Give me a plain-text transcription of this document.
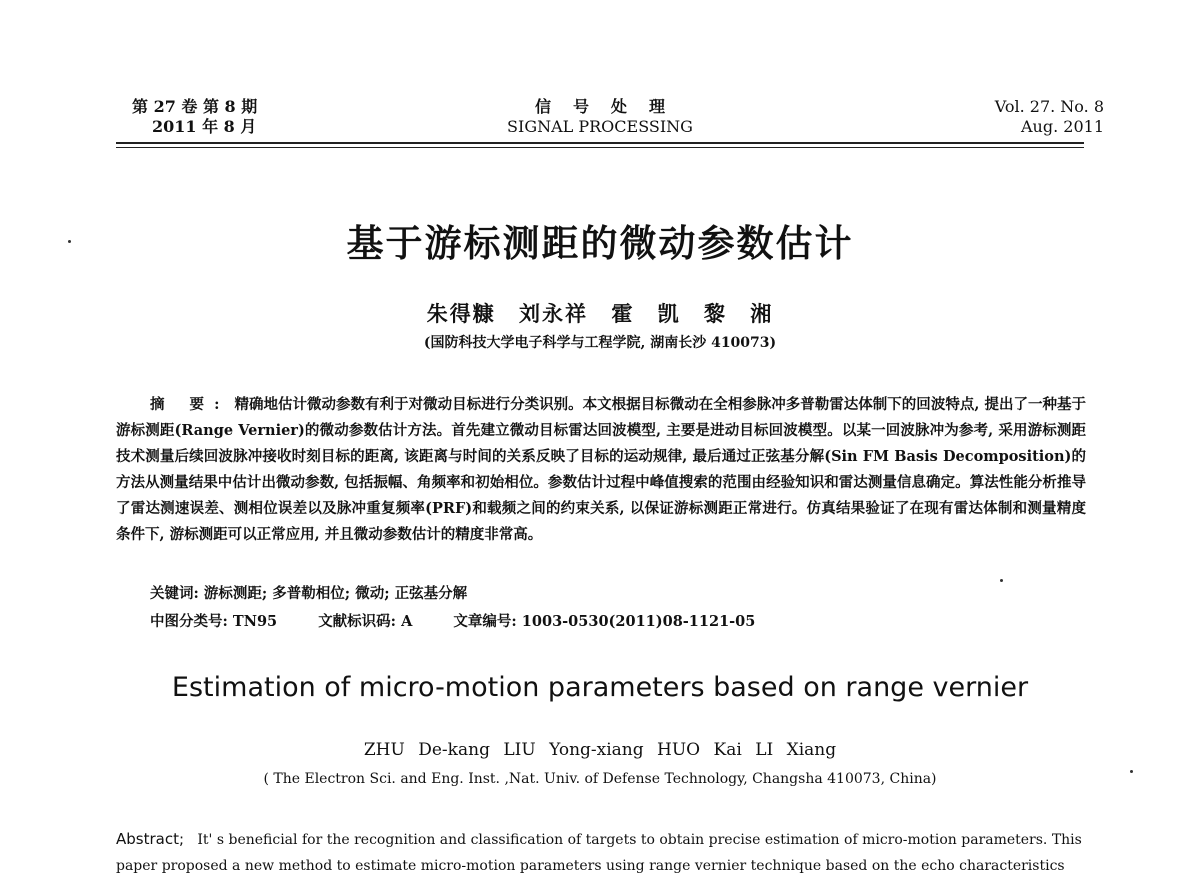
第 27 卷 第 8 期
2011 年 8 月
信号处理
SIGNAL PROCESSING
Vol. 27. No. 8
Aug. 2011
基于游标测距的微动参数估计
朱得糠 刘永祥 霍 凯 黎 湘
(国防科技大学电子科学与工程学院, 湖南长沙 410073)
摘 要: 精确地估计微动参数有利于对微动目标进行分类识别。本文根据目标微动在全相参脉冲多普勒雷达体制下的回波特点, 提出了一种基于游标测距(Range Vernier)的微动参数估计方法。首先建立微动目标雷达回波模型, 主要是进动目标回波模型。以某一回波脉冲为参考, 采用游标测距技术测量后续回波脉冲接收时刻目标的距离, 该距离与时间的关系反映了目标的运动规律, 最后通过正弦基分解(Sin FM Basis Decomposition)的方法从测量结果中估计出微动参数, 包括振幅、角频率和初始相位。参数估计过程中峰值搜索的范围由经验知识和雷达测量信息确定。算法性能分析推导了雷达测速误差、测相位误差以及脉冲重复频率(PRF)和载频之间的约束关系, 以保证游标测距正常进行。仿真结果验证了在现有雷达体制和测量精度条件下, 游标测距可以正常应用, 并且微动参数估计的精度非常高。
关键词: 游标测距; 多普勒相位; 微动; 正弦基分解
中图分类号: TN95	文献标识码: A	文章编号: 1003-0530(2011)08-1121-05
Estimation of micro-motion parameters based on range vernier
ZHU De-kang LIU Yong-xiang HUO Kai LI Xiang
( The Electron Sci. and Eng. Inst. ,Nat. Univ. of Defense Technology, Changsha 410073, China)
Abstract; It' s beneficial for the recognition and classification of targets to obtain precise estimation of micro-motion parameters. This paper proposed a new method to estimate micro-motion parameters using range vernier technique based on the echo characteristics
